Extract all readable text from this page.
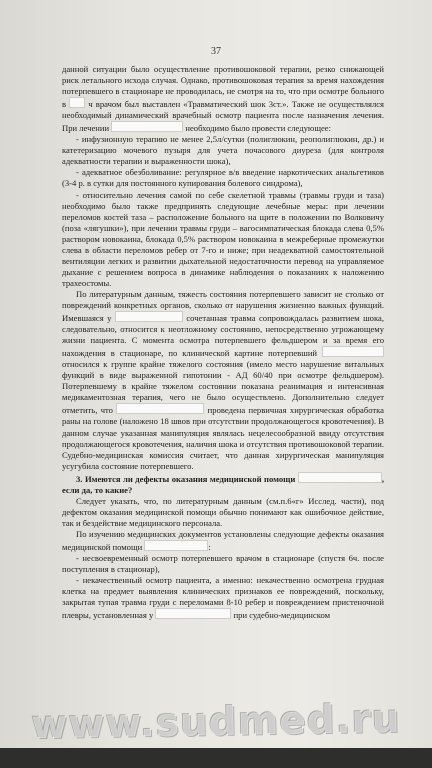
37

данной ситуации было осуществление противошоковой терапии, резко снижающей риск летального исхода случая. Однако, противошоковая терапия за время нахождения потерпевшего в стационаре не проводилась, не смотря на то, что при осмотре больного в  ч врачом был выставлен «Травматический шок 3ст.». Также не осуществлялся необходимый динамический врачебный осмотр пациента после назначения лечения. При лечении	необходимо было провести следующее:

- инфузионную терапию не менее 2,5л/сутки (полиглюкин, реополиглюкин, др.) и катетеризацию мочевого пузыря для учета почасового диуреза (для контроля адекватности терапии и выраженности шока),

- адекватное обезболивание: регулярное в/в введение наркотических анальгетиков (3-4 р. в сутки для постоянного купирования болевого синдрома),

- относительно лечения самой по себе скелетной травмы (травмы груди и таза) необходимо было также предпринять следующие лечебные меры: при лечении переломов костей таза – расположение больного на щите в положении по Волковичу (поза «лягушки»), при лечении травмы груди – вагосимпатическая блокада слева 0,5% раствором новокаина, блокада 0,5% раствором новокаина в межреберные промежутки слева в области переломов ребер от 7-го и ниже; при неадекватной самостоятельной вентиляции легких и развитии дыхательной недостаточности перевод на управляемое дыхание с решением вопроса в динамике наблюдения о показаниях к наложению трахеостомы.

По литературным данным, тяжесть состояния потерпевшего зависит не столько от повреждений конкретных органов, сколько от нарушения жизненно важных функций. Имевшаяся у	сочетанная травма сопровождалась развитием шока, следовательно, относится к неотложному состоянию, непосредственно угрожающему жизни пациента. С момента осмотра потерпевшего фельдшером и за время его нахождения в стационаре, по клинической картине потерпевший  относился к группе крайне тяжелого состояния (имело место нарушение витальных функций в виде выраженной гипотонии - АД 60/40 при осмотре фельдшером). Потерпевшему в крайне тяжелом состоянии показана реанимация и интенсивная медикаментозная терапия, чего не было осуществлено. Дополнительно следует отметить, что	проведена первичная хирургическая обработка раны на голове (наложено 18 швов при отсутствии продолжающегося кровотечения). В данном случае указанная манипуляция являлась нецелесообразной ввиду отсутствия продолжающегося кровотечения, наличия шока и отсутствия противошоковой терапии. Судебно-медицинская комиссия считает, что данная хирургическая манипуляция усугубила состояние потерпевшего.

3. Имеются ли дефекты оказания медицинской помощи	, если да, то какие?

Следует указать, что, по литературным данным (см.п.6«г» Исслед. части), под дефектом оказания медицинской помощи обычно понимают как ошибочное действие, так и бездействие медицинского персонала.

По изучению медицинских документов установлены следующие дефекты оказания медицинской помощи	:

- несвоевременный осмотр потерпевшего врачом в стационаре (спустя 6ч. после поступления в стационар),

- некачественный осмотр пациента, а именно: некачественно осмотрена грудная клетка на предмет выявления клинических признаков ее повреждений, поскольку, закрытая тупая травма груди с переломами 8-10 ребер и повреждением пристеночной плевры, установленная у	при судебно-медицинском

www.sudmed.ru
